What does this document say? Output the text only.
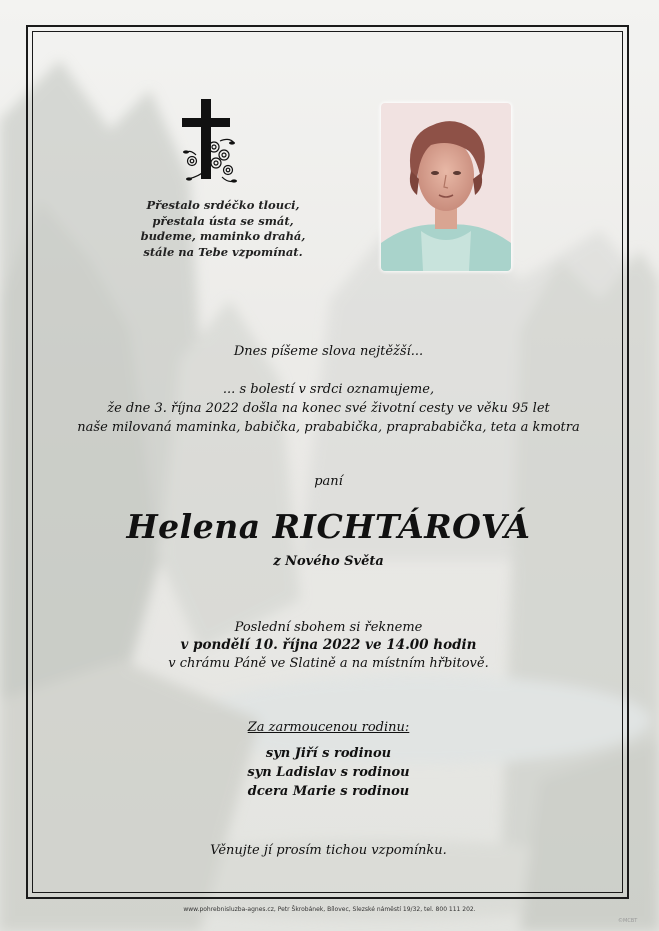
Přestalo srdéčko tlouci,
přestala ústa se smát,
budeme, maminko drahá,
stále na Tebe vzpomínat.
Dnes píšeme slova nejtěžší...
... s bolestí v srdci oznamujeme,
že dne 3. října 2022 došla na konec své životní cesty ve věku 95 let
naše milovaná maminka, babička, prababička, praprababička, teta a kmotra
paní
Helena RICHTÁROVÁ
z Nového Světa
Poslední sbohem si řekneme
v pondělí 10. října 2022 ve 14.00 hodin
v chrámu Páně ve Slatině a na místním hřbitově.
Za zarmoucenou rodinu:
syn Jiří s rodinou
syn Ladislav s rodinou
dcera Marie s rodinou
Věnujte jí prosím tichou vzpomínku.
www.pohrebnisluzba-agnes.cz, Petr Škrobánek, Bílovec, Slezské náměstí 19/32, tel. 800 111 202.
©MCBT
